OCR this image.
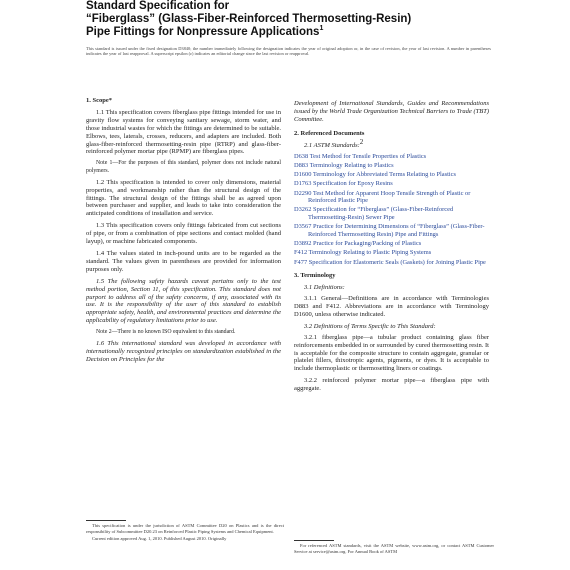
Standard Specification for
“Fiberglass” (Glass-Fiber-Reinforced Thermosetting-Resin)
Pipe Fittings for Nonpressure Applications$^1$
This standard is issued under the fixed designation D3840; the number immediately following the designation indicates the year of original adoption or, in the case of revision, the year of last revision. A number in parentheses indicates the year of last reapproval. A superscript epsilon (ε) indicates an editorial change since the last revision or reapproval.
1. Scope*

1.1 This specification covers fiberglass pipe fittings intended for use in gravity flow systems for conveying sanitary sewage, storm water, and those industrial wastes for which the fittings are determined to be suitable. Elbows, tees, laterals, crosses, reducers, and adapters are included. Both glass-fiber-reinforced thermosetting-resin pipe (RTRP) and glass-fiber-reinforced polymer mortar pipe (RPMP) are fiberglass pipes.

Note 1—For the purposes of this standard, polymer does not include natural polymers.

1.2 This specification is intended to cover only dimensions, material properties, and workmanship rather than the structural design of the fittings. The structural design of the fittings shall be as agreed upon between purchaser and supplier, and leads to take into consideration the anticipated conditions of installation and service.

1.3 This specification covers only fittings fabricated from cut sections of pipe, or from a combination of pipe sections and contact molded (hand layup), or machine fabricated components.

1.4 The values stated in inch-pound units are to be regarded as the standard. The values given in parentheses are provided for information purposes only.

1.5 The following safety hazards caveat pertains only to the test method portion, Section 11, of this specification. This standard does not purport to address all of the safety concerns, if any, associated with its use. It is the responsibility of the user of this standard to establish appropriate safety, health, and environmental practices and determine the applicability of regulatory limitations prior to use.

Note 2—There is no known ISO equivalent to this standard.

1.6 This international standard was developed in accordance with internationally recognized principles on standardization established in the Decision on Principles for the

Development of International Standards, Guides and Recommendations issued by the World Trade Organization Technical Barriers to Trade (TBT) Committee.

2. Referenced Documents
2.1 ASTM Standards:2
D638 Test Method for Tensile Properties of Plastics
D883 Terminology Relating to Plastics
D1600 Terminology for Abbreviated Terms Relating to Plastics
D1763 Specification for Epoxy Resins
D2290 Test Method for Apparent Hoop Tensile Strength of Plastic or Reinforced Plastic Pipe
D3262 Specification for “Fiberglass” (Glass-Fiber-Reinforced Thermosetting-Resin) Sewer Pipe
D3567 Practice for Determining Dimensions of “Fiberglass” (Glass-Fiber-Reinforced Thermosetting Resin) Pipe and Fittings
D3892 Practice for Packaging/Packing of Plastics
F412 Terminology Relating to Plastic Piping Systems
F477 Specification for Elastomeric Seals (Gaskets) for Joining Plastic Pipe
3. Terminology

3.1 Definitions:

3.1.1 General—Definitions are in accordance with Terminologies D883 and F412. Abbreviations are in accordance with Terminology D1600, unless otherwise indicated.

3.2 Definitions of Terms Specific to This Standard:

3.2.1 fiberglass pipe—a tubular product containing glass fiber reinforcements embedded in or surrounded by cured thermosetting resin. It is acceptable for the composite structure to contain aggregate, granular or platelet fillers, thixotropic agents, pigments, or dyes. It is acceptable to include thermoplastic or thermosetting liners or coatings.

3.2.2 reinforced polymer mortar pipe—a fiberglass pipe with aggregate.

This specification is under the jurisdiction of ASTM Committee D20 on Plastics and is the direct responsibility of Subcommittee D20.23 on Reinforced Plastic Piping Systems and Chemical Equipment.

Current edition approved Aug. 1, 2010. Published August 2010. Originally

For referenced ASTM standards, visit the ASTM website, www.astm.org, or contact ASTM Customer Service at service@astm.org. For Annual Book of ASTM
